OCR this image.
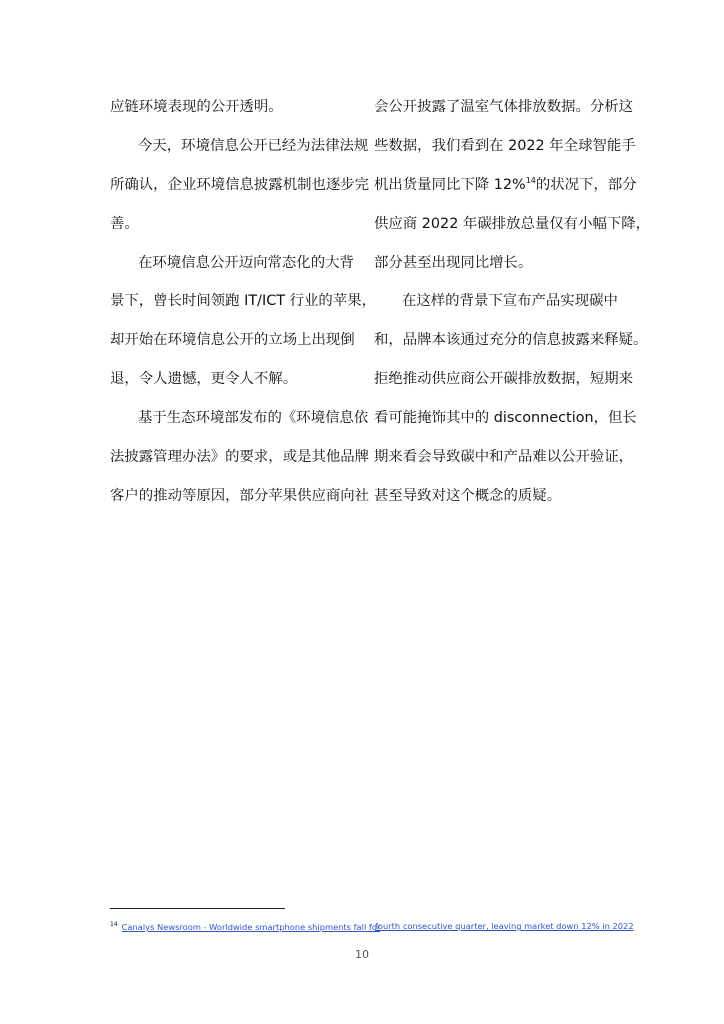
应链环境表现的公开透明。
今天，环境信息公开已经为法律法规
所确认，企业环境信息披露机制也逐步完
善。
在环境信息公开迈向常态化的大背
景下，曾长时间领跑 IT/ICT 行业的苹果，
却开始在环境信息公开的立场上出现倒
退，令人遗憾，更令人不解。
基于生态环境部发布的《环境信息依
法披露管理办法》的要求，或是其他品牌
客户的推动等原因，部分苹果供应商向社
会公开披露了温室气体排放数据。分析这
些数据，我们看到在 2022 年全球智能手
机出货量同比下降 12%$^{14}$的状况下，部分
供应商 2022 年碳排放总量仅有小幅下降，
部分甚至出现同比增长。
在这样的背景下宣布产品实现碳中
和，品牌本该通过充分的信息披露来释疑。
拒绝推动供应商公开碳排放数据，短期来
看可能掩饰其中的 disconnection，但长
期来看会导致碳中和产品难以公开验证，
甚至导致对这个概念的质疑。
$^{14}$ Canalys Newsroom - Worldwide smartphone shipments fall for
fourth consecutive quarter, leaving market down 12% in 2022
10
